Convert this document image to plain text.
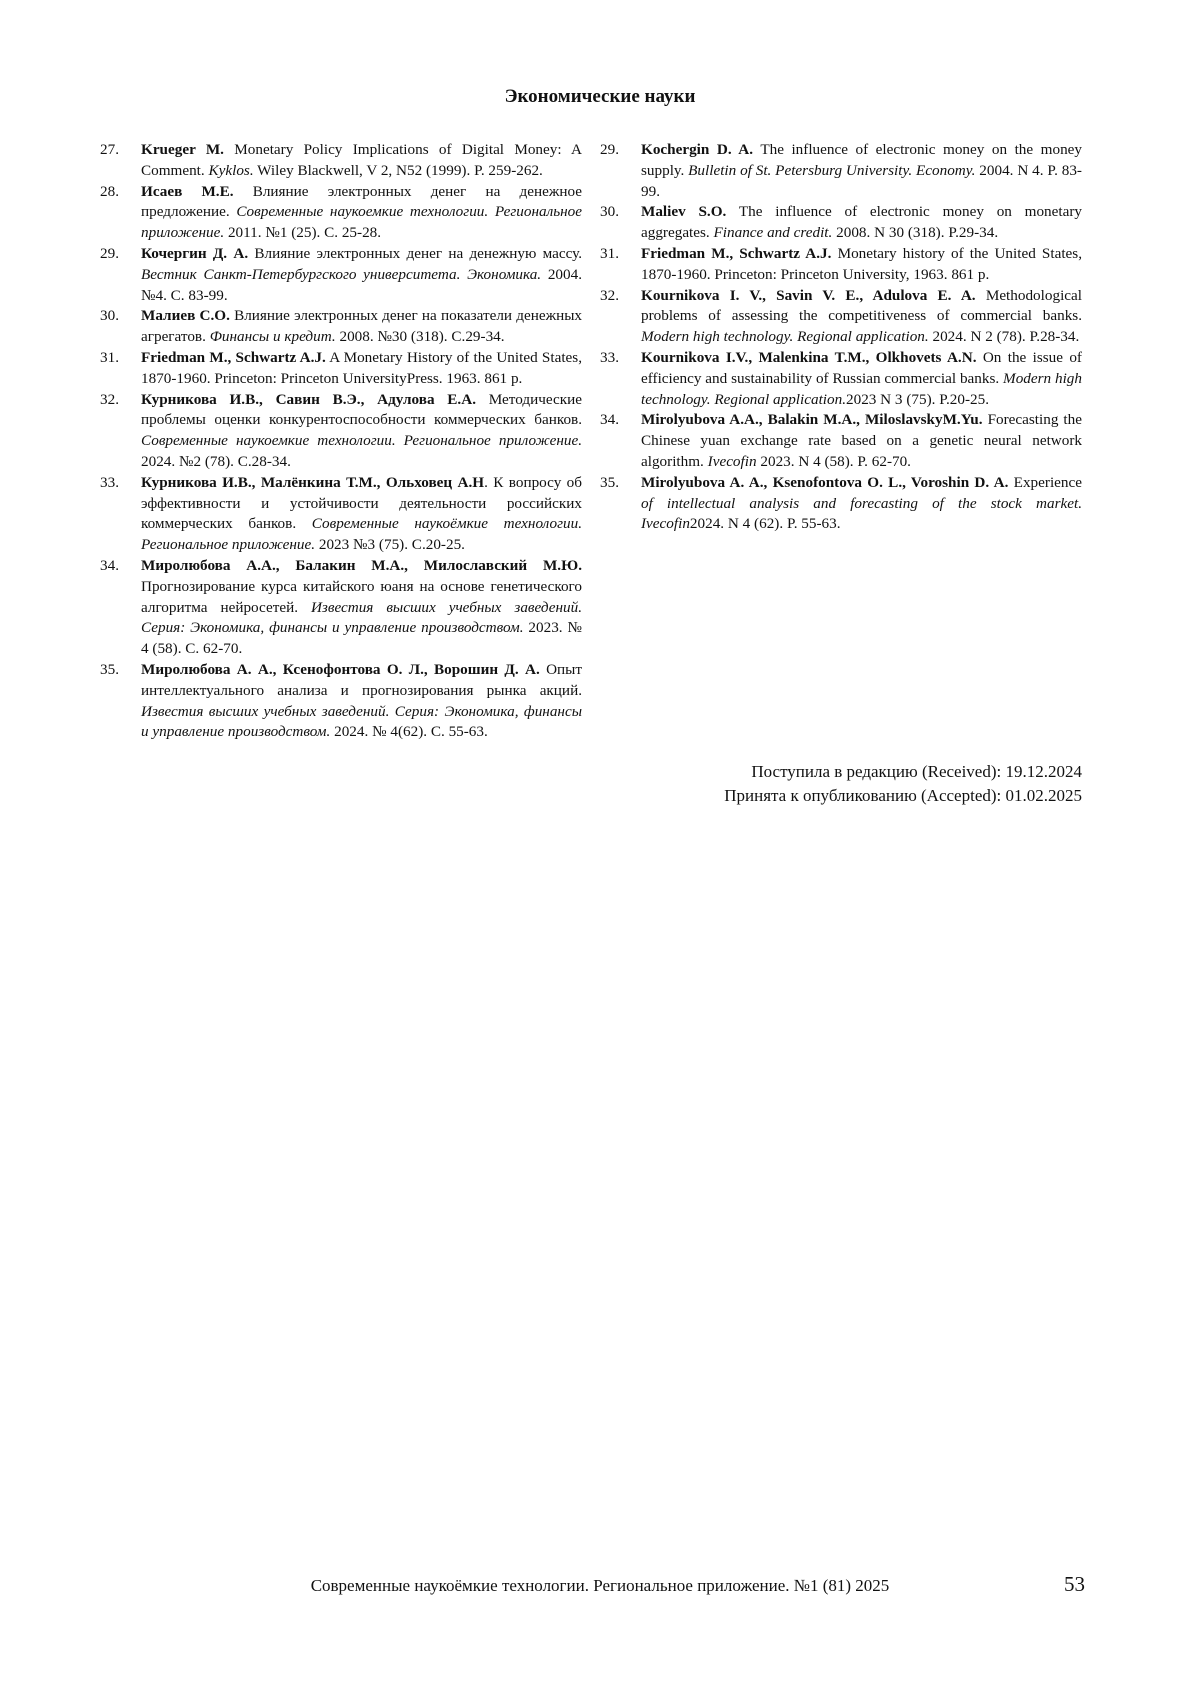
Экономические науки
27.	Krueger M. Monetary Policy Implications of Digital Money: A Comment. Kyklos. Wiley Blackwell, V 2, N52 (1999). P. 259-262.
28.	Исаев М.Е. Влияние электронных денег на денежное предложение. Современные наукоемкие технологии. Региональное приложение. 2011. №1 (25). С. 25-28.
29.	Кочергин Д. А. Влияние электронных денег на денежную массу. Вестник Санкт-Петербургского университета. Экономика. 2004. №4. С. 83-99.
30.	Малиев С.О. Влияние электронных денег на показатели денежных агрегатов. Финансы и кредит. 2008. №30 (318). С.29-34.
31.	Friedman M., Schwartz A.J. A Monetary History of the United States, 1870-1960. Princeton: Princeton UniversityPress. 1963. 861 p.
32.	Курникова И.В., Савин В.Э., Адулова Е.А. Методические проблемы оценки конкурентоспособности коммерческих банков. Современные наукоемкие технологии. Региональное приложение. 2024. №2 (78). С.28-34.
33.	Курникова И.В., Малёнкина Т.М., Ольховец А.Н. К вопросу об эффективности и устойчивости деятельности российских коммерческих банков. Современные наукоёмкие технологии. Региональное приложение. 2023 №3 (75). С.20-25.
34.	Миролюбова А.А., Балакин М.А., Милославский М.Ю. Прогнозирование курса китайского юаня на основе генетического алгоритма нейросетей. Известия высших учебных заведений. Серия: Экономика, финансы и управление производством. 2023. № 4 (58). С. 62-70.
35.	Миролюбова А. А., Ксенофонтова О. Л., Ворошин Д. А. Опыт интеллектуального анализа и прогнозирования рынка акций. Известия высших учебных заведений. Серия: Экономика, финансы и управление производством. 2024. № 4(62). С. 55-63.
29.	Kochergin D. A. The influence of electronic money on the money supply. Bulletin of St. Petersburg University. Economy. 2004. N 4. P. 83-99.
30.	Maliev S.O. The influence of electronic money on monetary aggregates. Finance and credit. 2008. N 30 (318). P.29-34.
31.	Friedman M., Schwartz A.J. Monetary history of the United States, 1870-1960. Princeton: Princeton University, 1963. 861 p.
32.	Kournikova I. V., Savin V. E., Adulova E. A. Methodological problems of assessing the competitiveness of commercial banks. Modern high technology. Regional application. 2024. N 2 (78). P.28-34.
33.	Kournikova I.V., Malenkina T.M., Olkhovets A.N. On the issue of efficiency and sustainability of Russian commercial banks. Modern high technology. Regional application.2023 N 3 (75). P.20-25.
34.	Mirolyubova A.A., Balakin M.A., MiloslavskyM.Yu. Forecasting the Chinese yuan exchange rate based on a genetic neural network algorithm. Ivecofin 2023. N 4 (58). P. 62-70.
35.	Mirolyubova A. A., Ksenofontova O. L., Voroshin D. A. Experience of intellectual analysis and forecasting of the stock market. Ivecofin2024. N 4 (62). P. 55-63.
Поступила в редакцию (Received): 19.12.2024
Принята к опубликованию (Accepted): 01.02.2025
Современные наукоёмкие технологии. Региональное приложение. №1 (81) 2025	53
